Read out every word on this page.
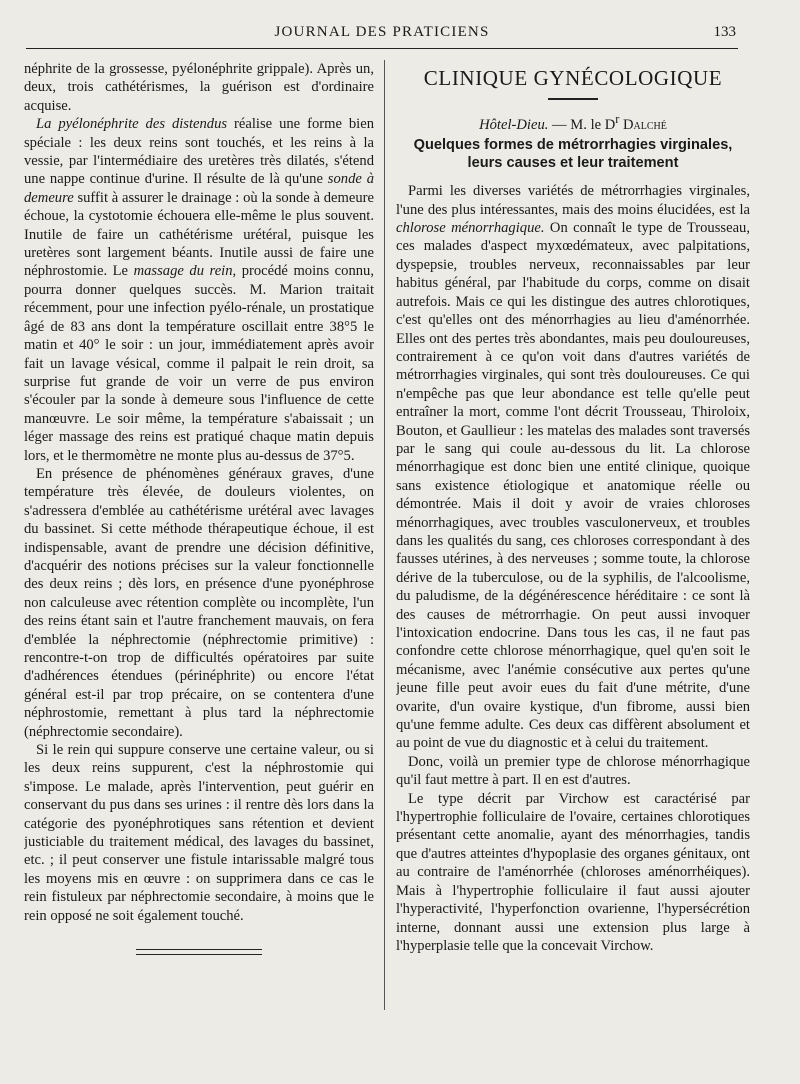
JOURNAL DES PRATICIENS	133

néphrite de la grossesse, pyélonéphrite grippale). Après un, deux, trois cathétérismes, la guérison est d'ordinaire acquise.

La pyélonéphrite des distendus réalise une forme bien spéciale : les deux reins sont touchés, et les reins à la vessie, par l'intermédiaire des uretères très dilatés, s'étend une nappe continue d'urine. Il résulte de là qu'une sonde à demeure suffit à assurer le drainage : où la sonde à demeure échoue, la cystotomie échouera elle-même le plus souvent. Inutile de faire un cathétérisme urétéral, puisque les uretères sont largement béants. Inutile aussi de faire une néphrostomie. Le massage du rein, procédé moins connu, pourra donner quelques succès. M. Marion traitait récemment, pour une infection pyélo-rénale, un prostatique âgé de 83 ans dont la température oscillait entre 38°5 le matin et 40° le soir : un jour, immédiatement après avoir fait un lavage vésical, comme il palpait le rein droit, sa surprise fut grande de voir un verre de pus environ s'écouler par la sonde à demeure sous l'influence de cette manœuvre. Le soir même, la température s'abaissait ; un léger massage des reins est pratiqué chaque matin depuis lors, et le thermomètre ne monte plus au-dessus de 37°5.

En présence de phénomènes généraux graves, d'une température très élevée, de douleurs violentes, on s'adressera d'emblée au cathétérisme urétéral avec lavages du bassinet. Si cette méthode thérapeutique échoue, il est indispensable, avant de prendre une décision définitive, d'acquérir des notions précises sur la valeur fonctionnelle des deux reins ; dès lors, en présence d'une pyonéphrose non calculeuse avec rétention complète ou incomplète, l'un des reins étant sain et l'autre franchement mauvais, on fera d'emblée la néphrectomie (néphrectomie primitive) : rencontre-t-on trop de difficultés opératoires par suite d'adhérences étendues (périnéphrite) ou encore l'état général est-il par trop précaire, on se contentera d'une néphrostomie, remettant à plus tard la néphrectomie (néphrectomie secondaire).

Si le rein qui suppure conserve une certaine valeur, ou si les deux reins suppurent, c'est la néphrostomie qui s'impose. Le malade, après l'intervention, peut guérir en conservant du pus dans ses urines : il rentre dès lors dans la catégorie des pyonéphrotiques sans rétention et devient justiciable du traitement médical, des lavages du bassinet, etc. ; il peut conserver une fistule intarissable malgré tous les moyens mis en œuvre : on supprimera dans ce cas le rein fistuleux par néphrectomie secondaire, à moins que le rein opposé ne soit également touché.

CLINIQUE GYNÉCOLOGIQUE
Hôtel-Dieu. — M. le $D^r$ Dalché
Quelques formes de métrorrhagies virginales,
leurs causes et leur traitement

Parmi les diverses variétés de métrorrhagies virginales, l'une des plus intéressantes, mais des moins élucidées, est la chlorose ménorrhagique. On connaît le type de Trousseau, ces malades d'aspect myxœdémateux, avec palpitations, dyspepsie, troubles nerveux, reconnaissables par leur habitus général, par l'habitude du corps, comme on disait autrefois. Mais ce qui les distingue des autres chlorotiques, c'est qu'elles ont des ménorrhagies au lieu d'aménorrhée. Elles ont des pertes très abondantes, mais peu douloureuses, contrairement à ce qu'on voit dans d'autres variétés de métrorrhagies virginales, qui sont très douloureuses. Ce qui n'empêche pas que leur abondance est telle qu'elle peut entraîner la mort, comme l'ont décrit Trousseau, Thiroloix, Bouton, et Gaullieur : les matelas des malades sont traversés par le sang qui coule au-dessous du lit. La chlorose ménorrhagique est donc bien une entité clinique, quoique sans existence étiologique et anatomique réelle ou démontrée. Mais il doit y avoir de vraies chloroses ménorrhagiques, avec troubles vasculonerveux, et troubles dans les qualités du sang, ces chloroses correspondant à des fausses utérines, à des nerveuses ; somme toute, la chlorose dérive de la tuberculose, ou de la syphilis, de l'alcoolisme, du paludisme, de la dégénérescence héréditaire : ce sont là des causes de métrorrhagie. On peut aussi invoquer l'intoxication endocrine. Dans tous les cas, il ne faut pas confondre cette chlorose ménorrhagique, quel qu'en soit le mécanisme, avec l'anémie consécutive aux pertes qu'une jeune fille peut avoir eues du fait d'une métrite, d'une ovarite, d'un ovaire kystique, d'un fibrome, aussi bien qu'une femme adulte. Ces deux cas diffèrent absolument et au point de vue du diagnostic et à celui du traitement.

Donc, voilà un premier type de chlorose ménorrhagique qu'il faut mettre à part. Il en est d'autres.

Le type décrit par Virchow est caractérisé par l'hypertrophie folliculaire de l'ovaire, certaines chlorotiques présentant cette anomalie, ayant des ménorrhagies, tandis que d'autres atteintes d'hypoplasie des organes génitaux, ont au contraire de l'aménorrhée (chloroses aménorrhéiques). Mais à l'hypertrophie folliculaire il faut aussi ajouter l'hyperactivité, l'hyperfonction ovarienne, l'hypersécrétion interne, donnant aussi une extension plus large à l'hyperplasie telle que la concevait Virchow.
